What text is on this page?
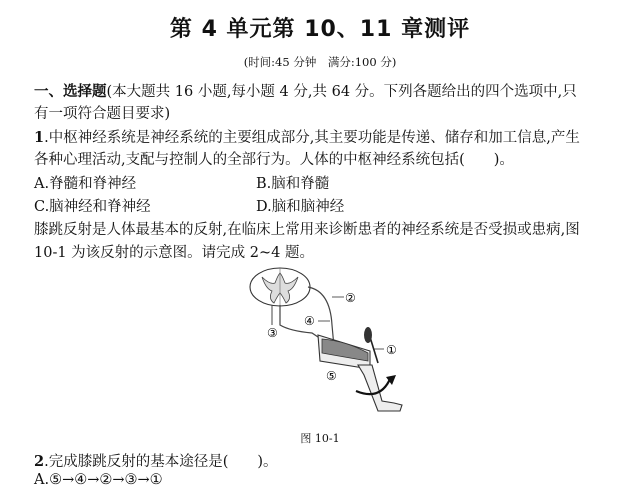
第 4 单元第 10、11 章测评
(时间:45 分钟　满分:100 分)
一、选择题(本大题共 16 小题,每小题 4 分,共 64 分。下列各题给出的四个选项中,只
有一项符合题目要求)
1.中枢神经系统是神经系统的主要组成部分,其主要功能是传递、储存和加工信息,产生
各种心理活动,支配与控制人的全部行为。人体的中枢神经系统包括(　　)。
A.脊髓和脊神经	B.脑和脊髓
C.脑神经和脊神经	D.脑和脑神经
膝跳反射是人体最基本的反射,在临床上常用来诊断患者的神经系统是否受损或患病,图
10-1 为该反射的示意图。请完成 2~4 题。
①
②
③
④
⑤
图 10-1
2.完成膝跳反射的基本途径是(　　)。
A.⑤→④→②→③→①
